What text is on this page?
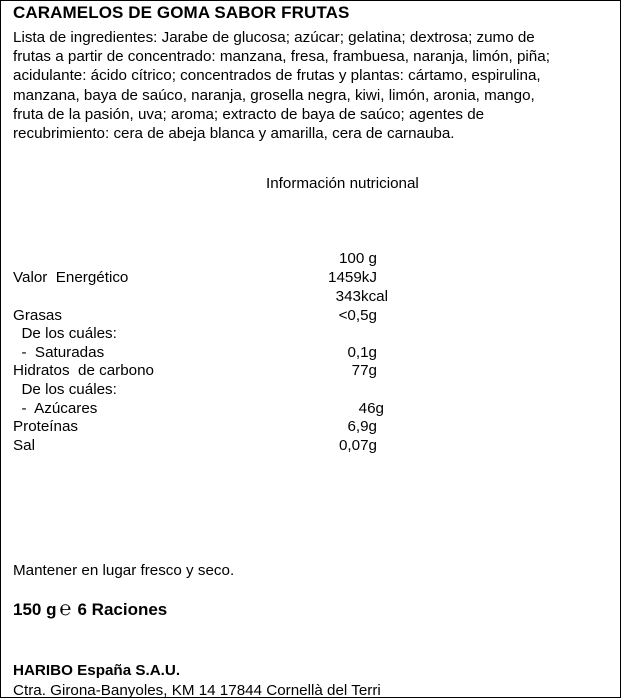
CARAMELOS DE GOMA SABOR FRUTAS
Lista de ingredientes: Jarabe de glucosa; azúcar; gelatina; dextrosa; zumo de
frutas a partir de concentrado: manzana, fresa, frambuesa, naranja, limón, piña;
acidulante: ácido cítrico; concentrados de frutas y plantas: cártamo, espirulina,
manzana, baya de saúco, naranja, grosella negra, kiwi, limón, aronia, mango,
fruta de la pasión, uva; aroma; extracto de baya de saúco; agentes de
recubrimiento: cera de abeja blanca y amarilla, cera de carnauba.
Información nutricional
100 g
Valor  Energético	1459kJ
343kcal
Grasas	<0,5g
De los cuáles:
-  Saturadas	0,1g
Hidratos  de carbono	77g
De los cuáles:
-  Azúcares	46g
Proteínas	6,9g
Sal	0,07g
Mantener en lugar fresco y seco.
150 g ℮ 6 Raciones
HARIBO España S.A.U.
Ctra. Girona-Banyoles, KM 14 17844 Cornellà del Terri
